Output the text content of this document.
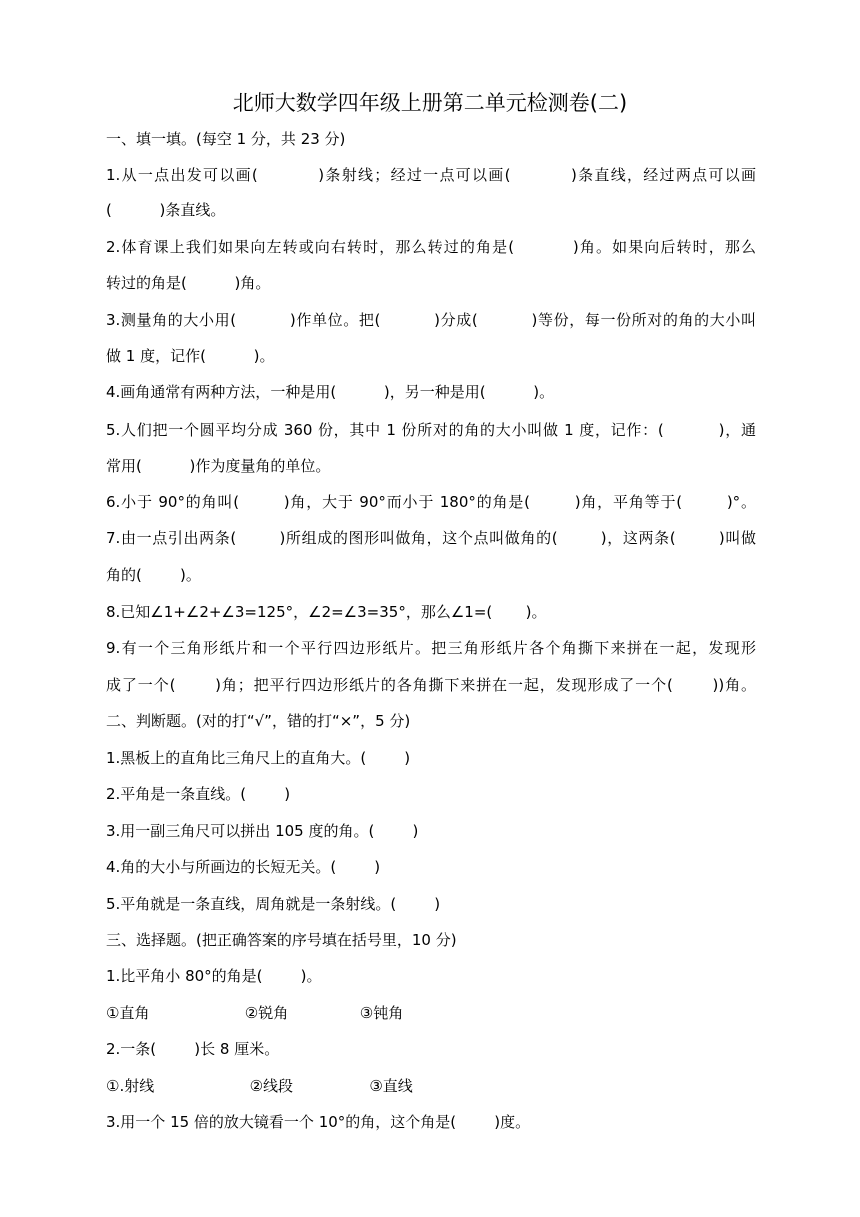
北师大数学四年级上册第二单元检测卷(二)
一、填一填。(每空 1 分，共 23 分)
1.从一点出发可以画(          )条射线；经过一点可以画(          )条直线，经过两点可以画
(          )条直线。
2.体育课上我们如果向左转或向右转时，那么转过的角是(          )角。如果向后转时，那么
转过的角是(          )角。
3.测量角的大小用(          )作单位。把(          )分成(          )等份，每一份所对的角的大小叫
做 1 度，记作(          )。
4.画角通常有两种方法，一种是用(          )，另一种是用(          )。
5.人们把一个圆平均分成 360 份，其中 1 份所对的角的大小叫做 1 度，记作：(          )，通
常用(          )作为度量角的单位。
6.小于 90°的角叫(        )角，大于 90°而小于 180°的角是(        )角，平角等于(        )°。
7.由一点引出两条(        )所组成的图形叫做角，这个点叫做角的(        )，这两条(        )叫做
角的(        )。
8.已知∠1+∠2+∠3=125°，∠2=∠3=35°，那么∠1=(       )。
9.有一个三角形纸片和一个平行四边形纸片。把三角形纸片各个角撕下来拼在一起，发现形
成了一个(       )角；把平行四边形纸片的各角撕下来拼在一起，发现形成了一个(       ))角。
二、判断题。(对的打“√”，错的打“×”，5 分)
1.黑板上的直角比三角尺上的直角大。(        )
2.平角是一条直线。(        )
3.用一副三角尺可以拼出 105 度的角。(        )
4.角的大小与所画边的长短无关。(        )
5.平角就是一条直线，周角就是一条射线。(        )
三、选择题。(把正确答案的序号填在括号里，10 分)
1.比平角小 80°的角是(        )。
①直角                    ②锐角               ③钝角
2.一条(        )长 8 厘米。
①.射线                    ②线段                ③直线
3.用一个 15 倍的放大镜看一个 10°的角，这个角是(        )度。
